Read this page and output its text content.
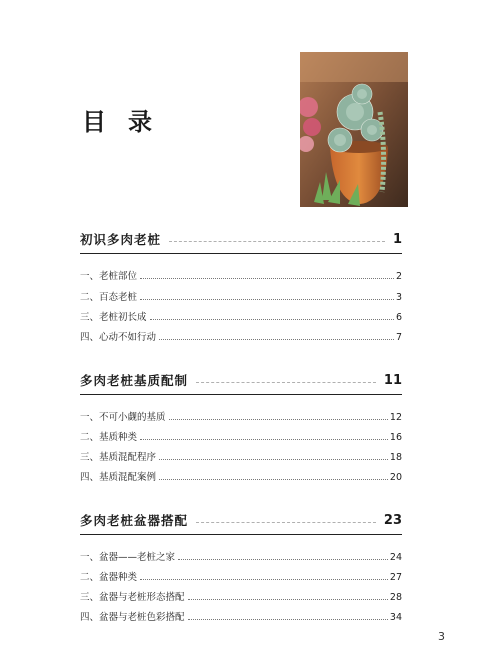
目 录
初识多肉老桩	1
一、老桩部位	2
二、百态老桩	3
三、老桩初长成	6
四、心动不如行动	7
多肉老桩基质配制	11
一、不可小觑的基质	12
二、基质种类	16
三、基质混配程序	18
四、基质混配案例	20
多肉老桩盆器搭配	23
一、盆器——老桩之家	24
二、盆器种类	27
三、盆器与老桩形态搭配	28
四、盆器与老桩色彩搭配	34
3
